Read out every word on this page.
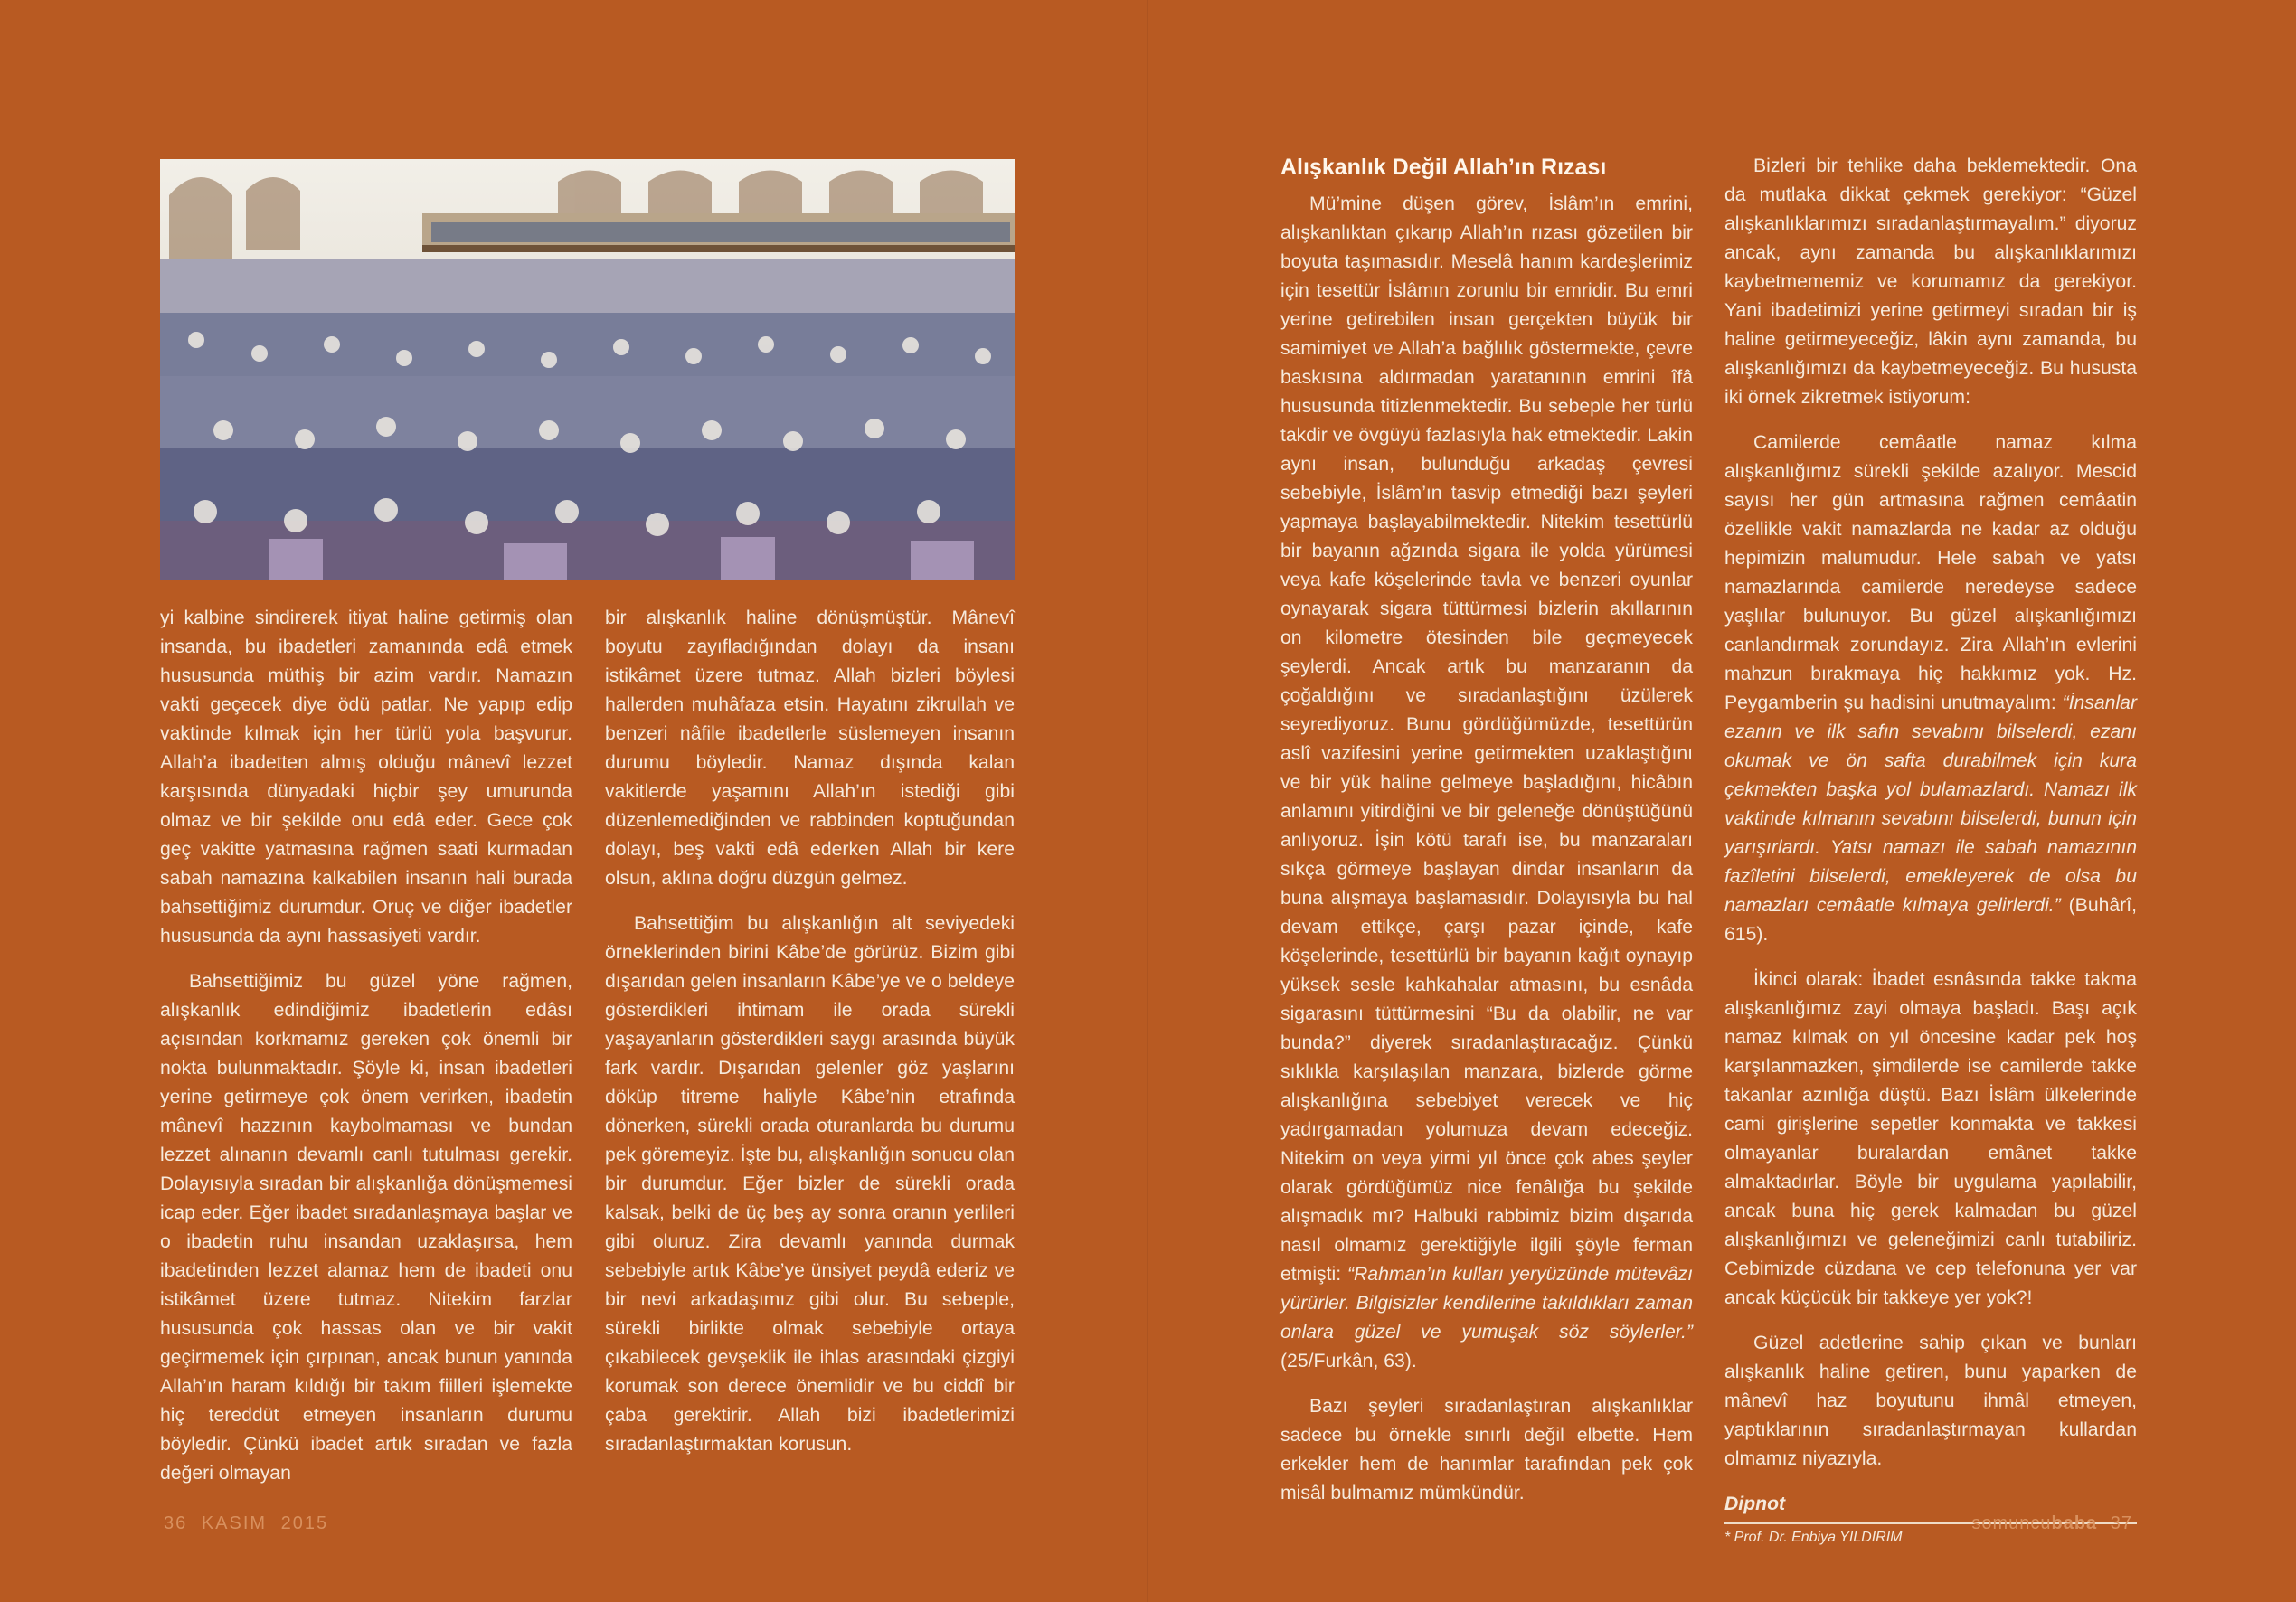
yi kalbine sindirerek itiyat haline getirmiş olan insanda, bu ibadetleri zamanında edâ etmek hususunda müthiş bir azim vardır. Namazın vakti geçecek diye ödü patlar. Ne yapıp edip vaktinde kılmak için her türlü yola başvurur. Allah’a ibadetten almış olduğu mânevî lezzet karşısında dünyadaki hiçbir şey umurunda olmaz ve bir şekilde onu edâ eder. Gece çok geç vakitte yatmasına rağmen saati kurmadan sabah namazına kalkabilen insanın hali burada bahsettiğimiz durumdur. Oruç ve diğer ibadetler hususunda da aynı hassasiyeti vardır.

Bahsettiğimiz bu güzel yöne rağmen, alışkanlık edindiğimiz ibadetlerin edâsı açısından korkmamız gereken çok önemli bir nokta bulunmaktadır. Şöyle ki, insan ibadetleri yerine getirmeye çok önem verirken, ibadetin mânevî hazzının kaybolmaması ve bundan lezzet alınanın devamlı canlı tutulması gerekir. Dolayısıyla sıradan bir alışkanlığa dönüşmemesi icap eder. Eğer ibadet sıradanlaşmaya başlar ve o ibadetin ruhu insandan uzaklaşırsa, hem ibadetinden lezzet alamaz hem de ibadeti onu istikâmet üzere tutmaz. Nitekim farzlar hususunda çok hassas olan ve bir vakit geçirmemek için çırpınan, ancak bunun yanında Allah’ın haram kıldığı bir takım fiilleri işlemekte hiç tereddüt etmeyen insanların durumu böyledir. Çünkü ibadet artık sıradan ve fazla değeri olmayan

bir alışkanlık haline dönüşmüştür. Mânevî boyutu zayıfladığından dolayı da insanı istikâmet üzere tutmaz. Allah bizleri böylesi hallerden muhâfaza etsin. Hayatını zikrullah ve benzeri nâfile ibadetlerle süslemeyen insanın durumu böyledir. Namaz dışında kalan vakitlerde yaşamını Allah’ın istediği gibi düzenlemediğinden ve rabbinden koptuğundan dolayı, beş vakti edâ ederken Allah bir kere olsun, aklına doğru düzgün gelmez.

Bahsettiğim bu alışkanlığın alt seviyedeki örneklerinden birini Kâbe’de görürüz. Bizim gibi dışarıdan gelen insanların Kâbe’ye ve o beldeye gösterdikleri ihtimam ile orada sürekli yaşayanların gösterdikleri saygı arasında büyük fark vardır. Dışarıdan gelenler göz yaşlarını döküp titreme haliyle Kâbe’nin etrafında dönerken, sürekli orada oturanlarda bu durumu pek göremeyiz. İşte bu, alışkanlığın sonucu olan bir durumdur. Eğer bizler de sürekli orada kalsak, belki de üç beş ay sonra oranın yerlileri gibi oluruz. Zira devamlı yanında durmak sebebiyle artık Kâbe’ye ünsiyet peydâ ederiz ve bir nevi arkadaşımız gibi olur. Bu sebeple, sürekli birlikte olmak sebebiyle ortaya çıkabilecek gevşeklik ile ihlas arasındaki çizgiyi korumak son derece önemlidir ve bu ciddî bir çaba gerektirir. Allah bizi ibadetlerimizi sıradanlaştırmaktan korusun.

36 KASIM 2015
Alışkanlık Değil Allah’ın Rızası

Mü’mine düşen görev, İslâm’ın emrini, alışkanlıktan çıkarıp Allah’ın rızası gözetilen bir boyuta taşımasıdır. Meselâ hanım kardeşlerimiz için tesettür İslâmın zorunlu bir emridir. Bu emri yerine getirebilen insan gerçekten büyük bir samimiyet ve Allah’a bağlılık göstermekte, çevre baskısına aldırmadan yaratanının emrini îfâ hususunda titizlenmektedir. Bu sebeple her türlü takdir ve övgüyü fazlasıyla hak etmektedir. Lakin aynı insan, bulunduğu arkadaş çevresi sebebiyle, İslâm’ın tasvip etmediği bazı şeyleri yapmaya başlayabilmektedir. Nitekim tesettürlü bir bayanın ağzında sigara ile yolda yürümesi veya kafe köşelerinde tavla ve benzeri oyunlar oynayarak sigara tüttürmesi bizlerin akıllarının on kilometre ötesinden bile geçmeyecek şeylerdi. Ancak artık bu manzaranın da çoğaldığını ve sıradanlaştığını üzülerek seyrediyoruz. Bunu gördüğümüzde, tesettürün aslî vazifesini yerine getirmekten uzaklaştığını ve bir yük haline gelmeye başladığını, hicâbın anlamını yitirdiğini ve bir geleneğe dönüştüğünü anlıyoruz. İşin kötü tarafı ise, bu manzaraları sıkça görmeye başlayan dindar insanların da buna alışmaya başlamasıdır. Dolayısıyla bu hal devam ettikçe, çarşı pazar içinde, kafe köşelerinde, tesettürlü bir bayanın kağıt oynayıp yüksek sesle kahkahalar atmasını, bu esnâda sigarasını tüttürmesini “Bu da olabilir, ne var bunda?” diyerek sıradanlaştıracağız. Çünkü sıklıkla karşılaşılan manzara, bizlerde görme alışkanlığına sebebiyet verecek ve hiç yadırgamadan yolumuza devam edeceğiz. Nitekim on veya yirmi yıl önce çok abes şeyler olarak gördüğümüz nice fenâlığa bu şekilde alışmadık mı? Halbuki rabbimiz bizim dışarıda nasıl olmamız gerektiğiyle ilgili şöyle ferman etmişti: “Rahman’ın kulları yeryüzünde mütevâzı yürürler. Bilgisizler kendilerine takıldıkları zaman onlara güzel ve yumuşak söz söylerler.” (25/Furkân, 63).

Bazı şeyleri sıradanlaştıran alışkanlıklar sadece bu örnekle sınırlı değil elbette. Hem erkekler hem de hanımlar tarafından pek çok misâl bulmamız mümkündür.

Bizleri bir tehlike daha beklemektedir. Ona da mutlaka dikkat çekmek gerekiyor: “Güzel alışkanlıklarımızı sıradanlaştırmayalım.” diyoruz ancak, aynı zamanda bu alışkanlıklarımızı kaybetmememiz ve korumamız da gerekiyor. Yani ibadetimizi yerine getirmeyi sıradan bir iş haline getirmeyeceğiz, lâkin aynı zamanda, bu alışkanlığımızı da kaybetmeyeceğiz. Bu hususta iki örnek zikretmek istiyorum:

Camilerde cemâatle namaz kılma alışkanlığımız sürekli şekilde azalıyor. Mescid sayısı her gün artmasına rağmen cemâatin özellikle vakit namazlarda ne kadar az olduğu hepimizin malumudur. Hele sabah ve yatsı namazlarında camilerde neredeyse sadece yaşlılar bulunuyor. Bu güzel alışkanlığımızı canlandırmak zorundayız. Zira Allah’ın evlerini mahzun bırakmaya hiç hakkımız yok. Hz. Peygamberin şu hadisini unutmayalım: “İnsanlar ezanın ve ilk safın sevabını bilselerdi, ezanı okumak ve ön safta durabilmek için kura çekmekten başka yol bulamazlardı. Namazı ilk vaktinde kılmanın sevabını bilselerdi, bunun için yarışırlardı. Yatsı namazı ile sabah namazının fazîletini bilselerdi, emekleyerek de olsa bu namazları cemâatle kılmaya gelirlerdi.” (Buhârî, 615).

İkinci olarak: İbadet esnâsında takke takma alışkanlığımız zayi olmaya başladı. Başı açık namaz kılmak on yıl öncesine kadar pek hoş karşılanmazken, şimdilerde ise camilerde takke takanlar azınlığa düştü. Bazı İslâm ülkelerinde cami girişlerine sepetler konmakta ve takkesi olmayanlar buralardan emânet takke almaktadırlar. Böyle bir uygulama yapılabilir, ancak buna hiç gerek kalmadan bu güzel alışkanlığımızı ve geleneğimizi canlı tutabiliriz. Cebimizde cüzdana ve cep telefonuna yer var ancak küçücük bir takkeye yer yok?!

Güzel adetlerine sahip çıkan ve bunları alışkanlık haline getiren, bunu yaparken de mânevî haz boyutunu ihmâl etmeyen, yaptıklarının sıradanlaştırmayan kullardan olmamız niyazıyla.

Dipnot
* Prof. Dr. Enbiya YILDIRIM
somuncubaba 37
